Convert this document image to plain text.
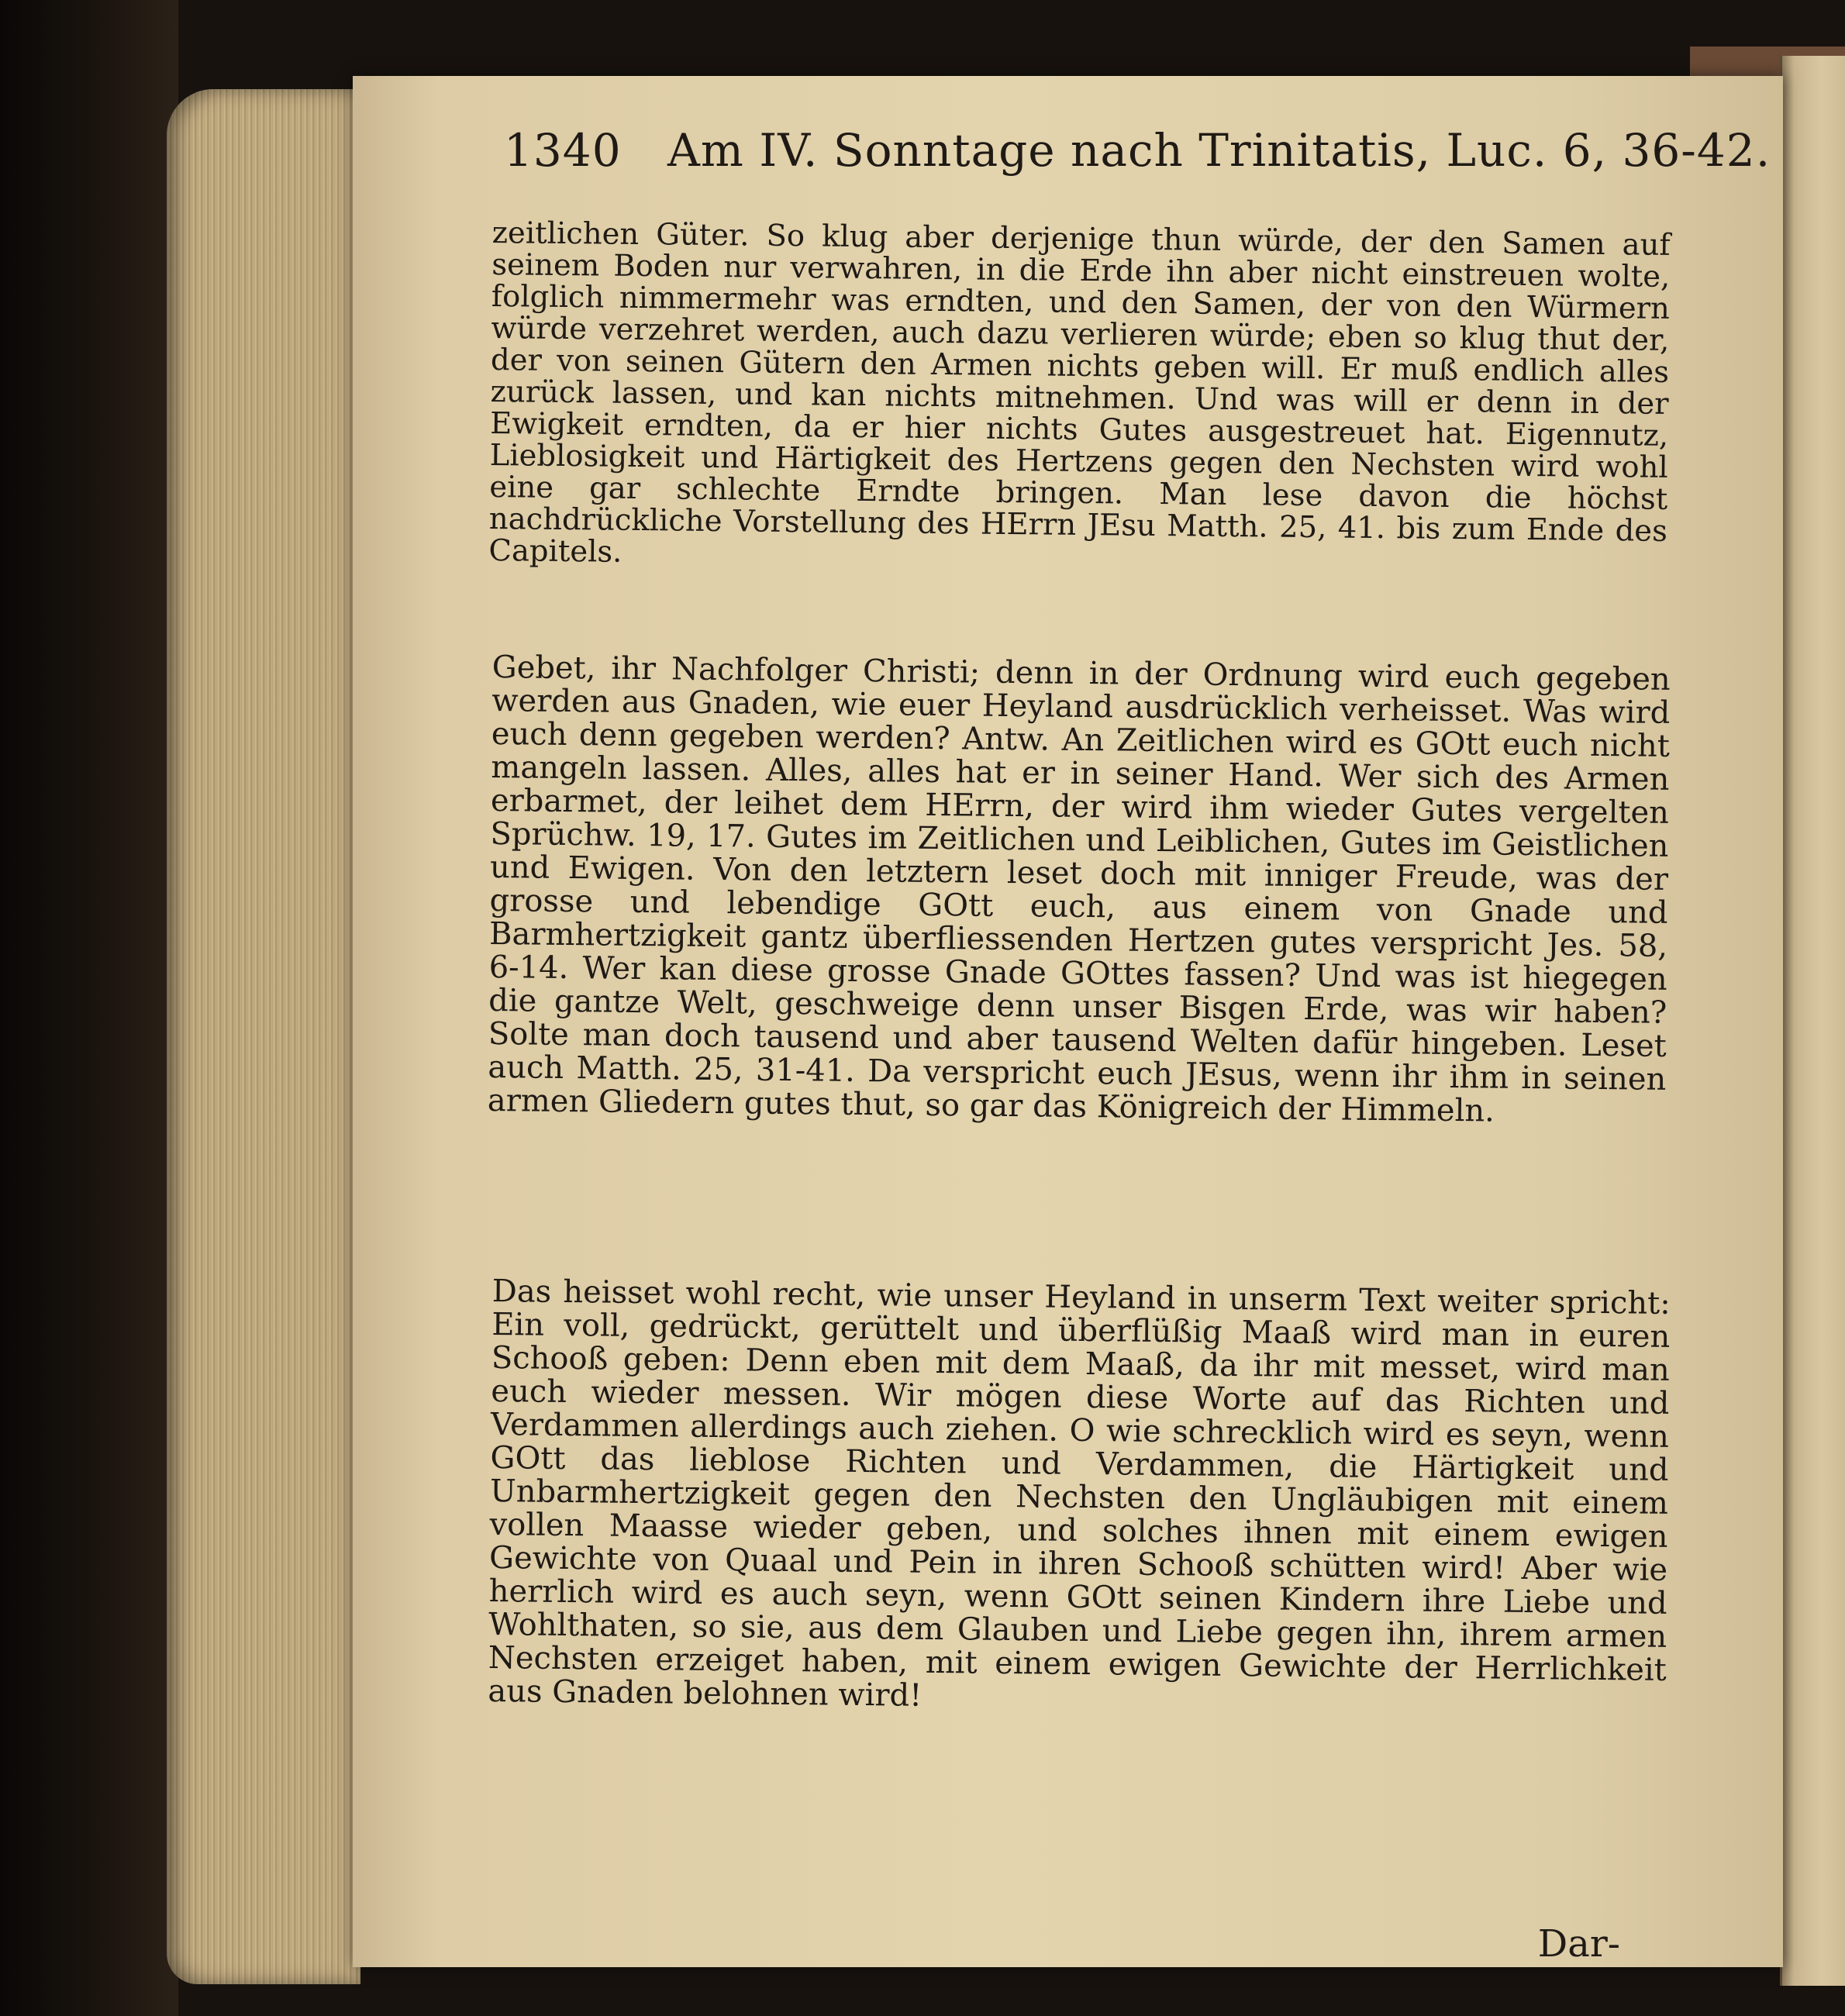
1340 Am IV. Sonntage nach Trinitatis, Luc. 6, 36-42.
zeitlichen Güter. So klug aber derjenige thun würde, der den Samen auf seinem Boden nur verwahren, in die Erde ihn aber nicht einstreuen wolte, folglich nimmermehr was erndten, und den Samen, der von den Würmern würde verzehret werden, auch dazu verlieren würde; eben so klug thut der, der von seinen Gütern den Armen nichts geben will. Er muß endlich alles zurück lassen, und kan nichts mitnehmen. Und was will er denn in der Ewigkeit erndten, da er hier nichts Gutes ausgestreuet hat. Eigennutz, Lieblosigkeit und Härtigkeit des Hertzens gegen den Nechsten wird wohl eine gar schlechte Erndte bringen. Man lese davon die höchst nachdrückliche Vorstellung des HErrn JEsu Matth. 25, 41. bis zum Ende des Capitels.
Gebet, ihr Nachfolger Christi; denn in der Ordnung wird euch gegeben werden aus Gnaden, wie euer Heyland ausdrücklich verheisset. Was wird euch denn gegeben werden? Antw. An Zeitlichen wird es GOtt euch nicht mangeln lassen. Alles, alles hat er in seiner Hand. Wer sich des Armen erbarmet, der leihet dem HErrn, der wird ihm wieder Gutes vergelten Sprüchw. 19, 17. Gutes im Zeitlichen und Leiblichen, Gutes im Geistlichen und Ewigen. Von den letztern leset doch mit inniger Freude, was der grosse und lebendige GOtt euch, aus einem von Gnade und Barmhertzigkeit gantz überfliessenden Hertzen gutes verspricht Jes. 58, 6-14. Wer kan diese grosse Gnade GOttes fassen? Und was ist hiegegen die gantze Welt, geschweige denn unser Bisgen Erde, was wir haben? Solte man doch tausend und aber tausend Welten dafür hingeben. Leset auch Matth. 25, 31-41. Da verspricht euch JEsus, wenn ihr ihm in seinen armen Gliedern gutes thut, so gar das Königreich der Himmeln.
Das heisset wohl recht, wie unser Heyland in unserm Text weiter spricht: Ein voll, gedrückt, gerüttelt und überflüßig Maaß wird man in euren Schooß geben: Denn eben mit dem Maaß, da ihr mit messet, wird man euch wieder messen. Wir mögen diese Worte auf das Richten und Verdammen allerdings auch ziehen. O wie schrecklich wird es seyn, wenn GOtt das lieblose Richten und Verdammen, die Härtigkeit und Unbarmhertzigkeit gegen den Nechsten den Ungläubigen mit einem vollen Maasse wieder geben, und solches ihnen mit einem ewigen Gewichte von Quaal und Pein in ihren Schooß schütten wird! Aber wie herrlich wird es auch seyn, wenn GOtt seinen Kindern ihre Liebe und Wohlthaten, so sie, aus dem Glauben und Liebe gegen ihn, ihrem armen Nechsten erzeiget haben, mit einem ewigen Gewichte der Herrlichkeit aus Gnaden belohnen wird!
Dar-
